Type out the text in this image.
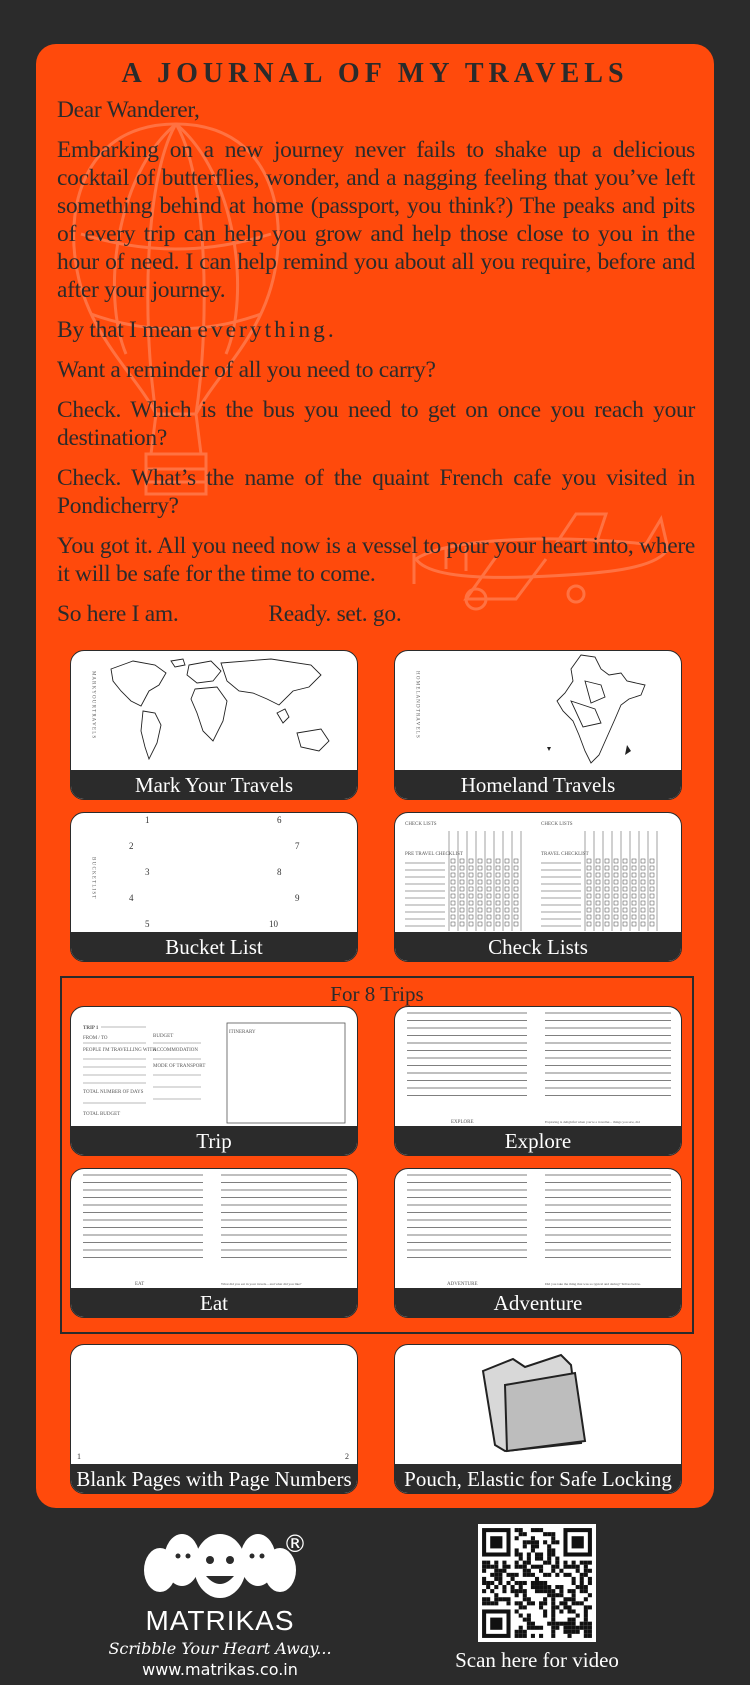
A JOURNAL OF MY TRAVELS

Dear Wanderer,

Embarking on a new journey never fails to shake up a delicious cocktail of butterflies, wonder, and a nagging feeling that you’ve left something behind at home (passport, you think?) The peaks and pits of every trip can help you grow and help those close to you in the hour of need. I can help remind you about all you require, before and after your journey.

By that I mean everything.

Want a reminder of all you need to carry?

Check. Which is the bus you need to get on once you reach your destination?

Check. What’s the name of the quaint French cafe you visited in Pondicherry?

You got it. All you need now is a vessel to pour your heart into, where it will be safe for the time to come.

So here I am.	Ready. set. go.

M A R K Y O U R T R A V E L S
Mark Your Travels
H O M E L A N D T R A V E L S
Homeland Travels
B U C K E T L I S T
1
2
3
4
5
6
7
8
9
10
Bucket List
CHECK LISTS	CHECK LISTS
PRE TRAVEL CHECKLIST	TRAVEL CHECKLIST
Check Lists
For 8 Trips
TRIP 1
FROM / TO
PEOPLE I'M TRAVELLING WITH
TOTAL NUMBER OF DAYS
TOTAL BUDGET
BUDGET
ACCOMMODATION
MODE OF TRANSPORT
ITINERARY
Trip
EXPLORE	Exploring is delightful when you're a traveller... things you saw, did
Explore
EAT	What did you eat in your travels... and what did you like?
Eat
ADVENTURE	Did you take the thing that was so typical and daring? Tell us below.
Adventure
1	2
Blank Pages with Page Numbers	Pouch, Elastic for Safe Locking
MATRIKAS
Scribble Your Heart Away...
www.matrikas.co.in
®
Scan here for video
